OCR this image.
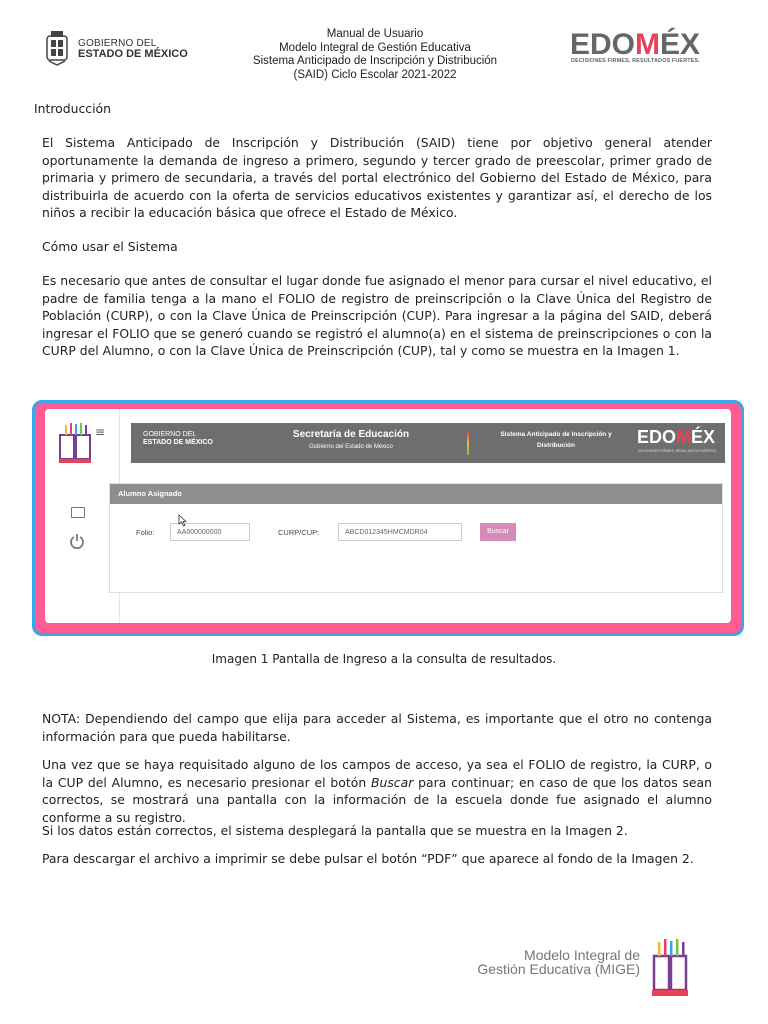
GOBIERNO DEL
ESTADO DE MÉXICO
Manual de Usuario
Modelo Integral de Gestión Educativa
Sistema Anticipado de Inscripción y Distribución
(SAID) Ciclo Escolar 2021-2022
EDOMÉX
DECISIONES FIRMES, RESULTADOS FUERTES.
Introducción
El Sistema Anticipado de Inscripción y Distribución (SAID) tiene por objetivo general atender oportunamente la demanda de ingreso a primero, segundo y tercer grado de preescolar, primer grado de primaria y primero de secundaria, a través del portal electrónico del Gobierno del Estado de México, para distribuirla de acuerdo con la oferta de servicios educativos existentes y garantizar así, el derecho de los niños a recibir la educación básica que ofrece el Estado de México.
Cómo usar el Sistema
Es necesario que antes de consultar el lugar donde fue asignado el menor para cursar el nivel educativo, el padre de familia tenga a la mano el FOLIO de registro de preinscripción o la Clave Única del Registro de Población (CURP), o con la Clave Única de Preinscripción (CUP). Para ingresar a la página del SAID, deberá ingresar el FOLIO que se generó cuando se registró el alumno(a) en el sistema de preinscripciones o con la CURP del Alumno, o con la Clave Única de Preinscripción (CUP), tal y como se muestra en la Imagen 1.
≡	GOBIERNO DEL
ESTADO DE MÉXICO
Secretaría de Educación
Gobierno del Estado de México
Sistema Anticipado de Inscripción y
Distribución	EDOMÉX
DECISIONES FIRMES, RESULTADOS FUERTES.
Alumno Asignado
Folio:	AA000000000	CURP/CUP:	ABCD012345HMCMDR04	Buscar
Imagen 1 Pantalla de Ingreso a la consulta de resultados.
NOTA: Dependiendo del campo que elija para acceder al Sistema, es importante que el otro no contenga información para que pueda habilitarse.
Una vez que se haya requisitado alguno de los campos de acceso, ya sea el FOLIO de registro, la CURP, o la CUP del Alumno, es necesario presionar el botón Buscar para continuar; en caso de que los datos sean correctos, se mostrará una pantalla con la información de la escuela donde fue asignado el alumno conforme a su registro.
Si los datos están correctos, el sistema desplegará la pantalla que se muestra en la Imagen 2.
Para descargar el archivo a imprimir se debe pulsar el botón “PDF” que aparece al fondo de la Imagen 2.
Modelo Integral de
Gestión Educativa (MIGE)
